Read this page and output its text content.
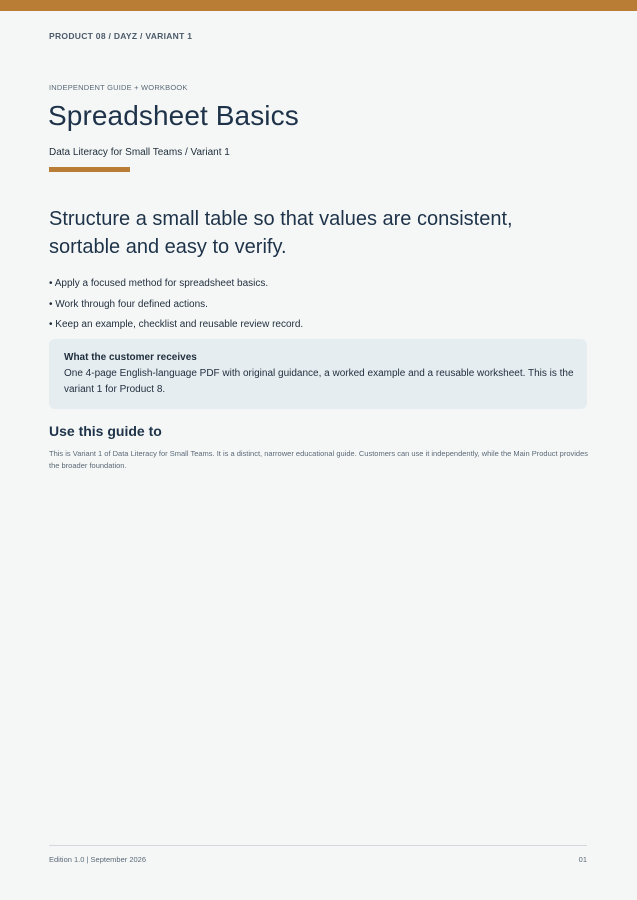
PRODUCT 08 / DAYZ / VARIANT 1
INDEPENDENT GUIDE + WORKBOOK
Spreadsheet Basics
Data Literacy for Small Teams / Variant 1

Structure a small table so that values are consistent, sortable and easy to verify.

• Apply a focused method for spreadsheet basics.
• Work through four defined actions.
• Keep an example, checklist and reusable review record.
What the customer receives
One 4-page English-language PDF with original guidance, a worked example and a reusable worksheet. This is the variant 1 for Product 8.
Use this guide to

This is Variant 1 of Data Literacy for Small Teams. It is a distinct, narrower educational guide. Customers can use it independently, while the Main Product provides the broader foundation.

Edition 1.0 | September 2026	01
